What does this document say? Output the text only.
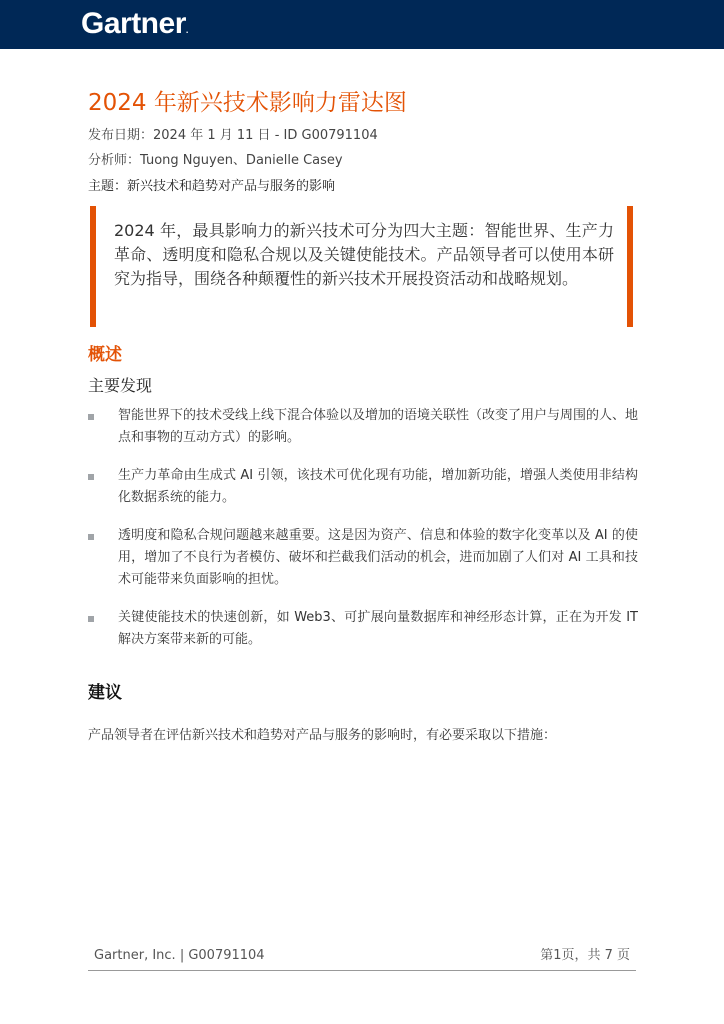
Gartner.
2024 年新兴技术影响力雷达图
发布日期：2024 年 1 月 11 日 - ID G00791104
分析师：Tuong Nguyen、Danielle Casey
主题：新兴技术和趋势对产品与服务的影响
2024 年，最具影响力的新兴技术可分为四大主题：智能世界、生产力革命、透明度和隐私合规以及关键使能技术。产品领导者可以使用本研究为指导，围绕各种颠覆性的新兴技术开展投资活动和战略规划。
概述
主要发现
智能世界下的技术受线上线下混合体验以及增加的语境关联性（改变了用户与周围的人、地点和事物的互动方式）的影响。
生产力革命由生成式 AI 引领，该技术可优化现有功能，增加新功能，增强人类使用非结构化数据系统的能力。
透明度和隐私合规问题越来越重要。这是因为资产、信息和体验的数字化变革以及 AI 的使用，增加了不良行为者模仿、破坏和拦截我们活动的机会，进而加剧了人们对 AI 工具和技术可能带来负面影响的担忧。
关键使能技术的快速创新，如 Web3、可扩展向量数据库和神经形态计算，正在为开发 IT 解决方案带来新的可能。
建议
产品领导者在评估新兴技术和趋势对产品与服务的影响时，有必要采取以下措施：
Gartner, Inc. | G00791104	第1页，共 7 页
